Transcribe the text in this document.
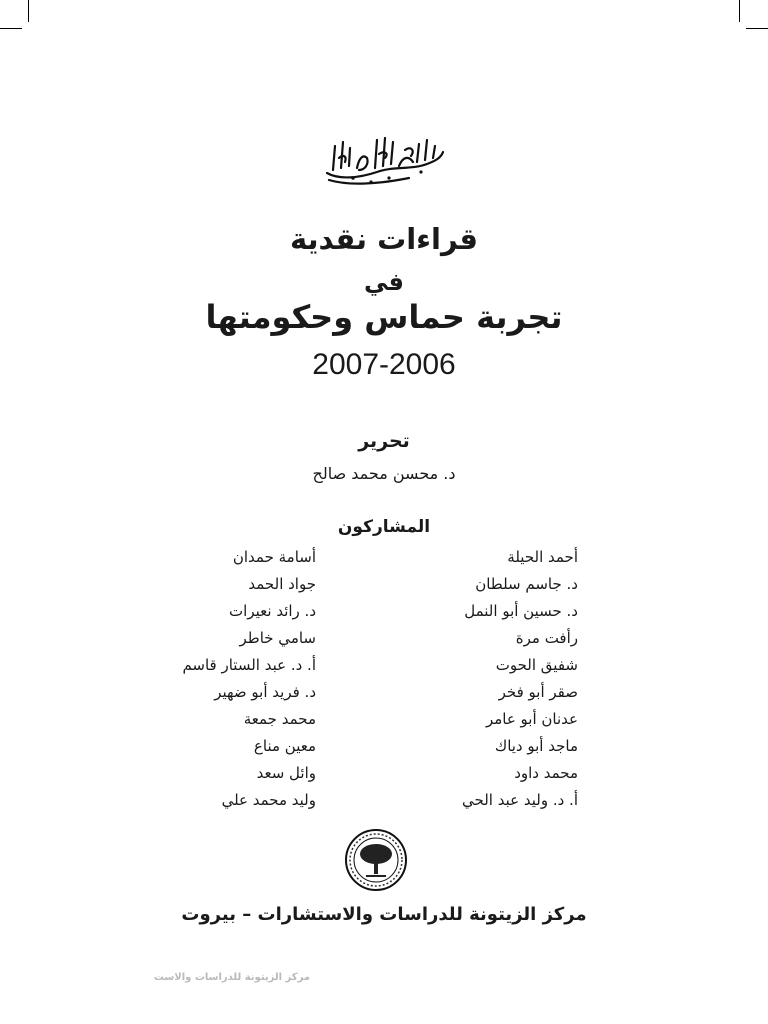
قراءات نقدية
في
تجربة حماس وحكومتها
2007-2006
تحرير
د. محسن محمد صالح
المشاركون
أحمد الحيلة
د. جاسم سلطان
د. حسين أبو النمل
رأفت مرة
شفيق الحوت
صقر أبو فخر
عدنان أبو عامر
ماجد أبو دياك
محمد داود
أ. د. وليد عبد الحي
أسامة حمدان
جواد الحمد
د. رائد نعيرات
سامي خاطر
أ. د. عبد الستار قاسم
د. فريد أبو ضهير
محمد جمعة
معين مناع
وائل سعد
وليد محمد علي
مركز الزيتونة للدراسات والاستشارات – بيروت
مركز الزيتونة للدراسات والاست
